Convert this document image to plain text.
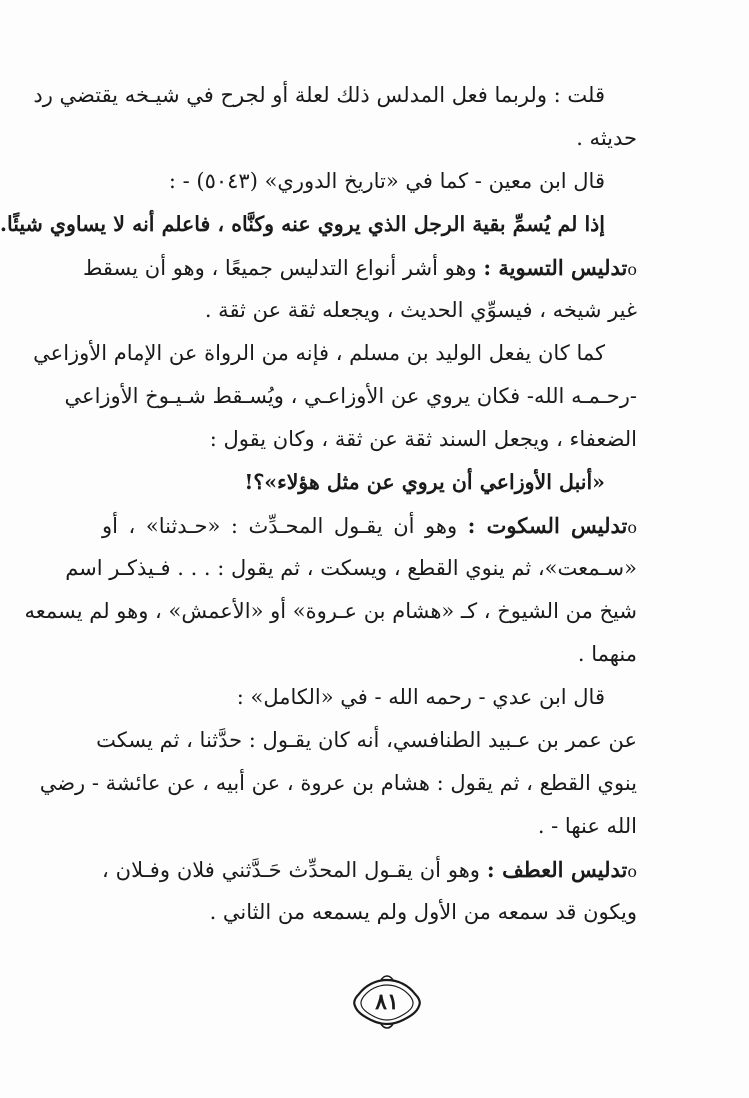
قلت : ولربما فعل المدلس ذلك لعلة أو لجرح في شيـخه يقتضي رد
حديثه .
قال ابن معين - كما في «تاريخ الدوري» (٥٠٤٣) - :
إذا لم يُسمِّ بقية الرجل الذي يروي عنه وكنَّاه ، فاعلم أنه لا يساوي شيئًا.
oتدليس التسوية : وهو أشر أنواع التدليس جميعًا ، وهو أن يسقط
غير شيخه ، فيسوِّي الحديث ، ويجعله ثقة عن ثقة .
كما كان يفعل الوليد بن مسلم ، فإنه من الرواة عن الإمام الأوزاعي
-رحـمـه الله- فكان يروي عن الأوزاعـي ، ويُسـقط شـيـوخ الأوزاعي
الضعفاء ، ويجعل السند ثقة عن ثقة ، وكان يقول :
«أنبل الأوزاعي أن يروي عن مثل هؤلاء»؟!
oتدليس السكوت : وهو أن يقـول المحـدِّث : «حـدثنا» ، أو
«سـمعت»، ثم ينوي القطع ، ويسكت ، ثم يقول : . . . فـيذكـر اسم
شيخ من الشيوخ ، كـ «هشام بن عـروة» أو «الأعمش» ، وهو لم يسمعه
منهما .
قال ابن عدي - رحمه الله - في «الكامل» :
عن عمر بن عـبيد الطنافسي، أنه كان يقـول : حدَّثنا ، ثم يسكت
ينوي القطع ، ثم يقول : هشام بن عروة ، عن أبيه ، عن عائشة - رضي
الله عنها - .
oتدليس العطف : وهو أن يقـول المحدِّث حَـدَّثني فلان وفـلان ،
ويكون قد سمعه من الأول ولم يسمعه من الثاني .
٨١
